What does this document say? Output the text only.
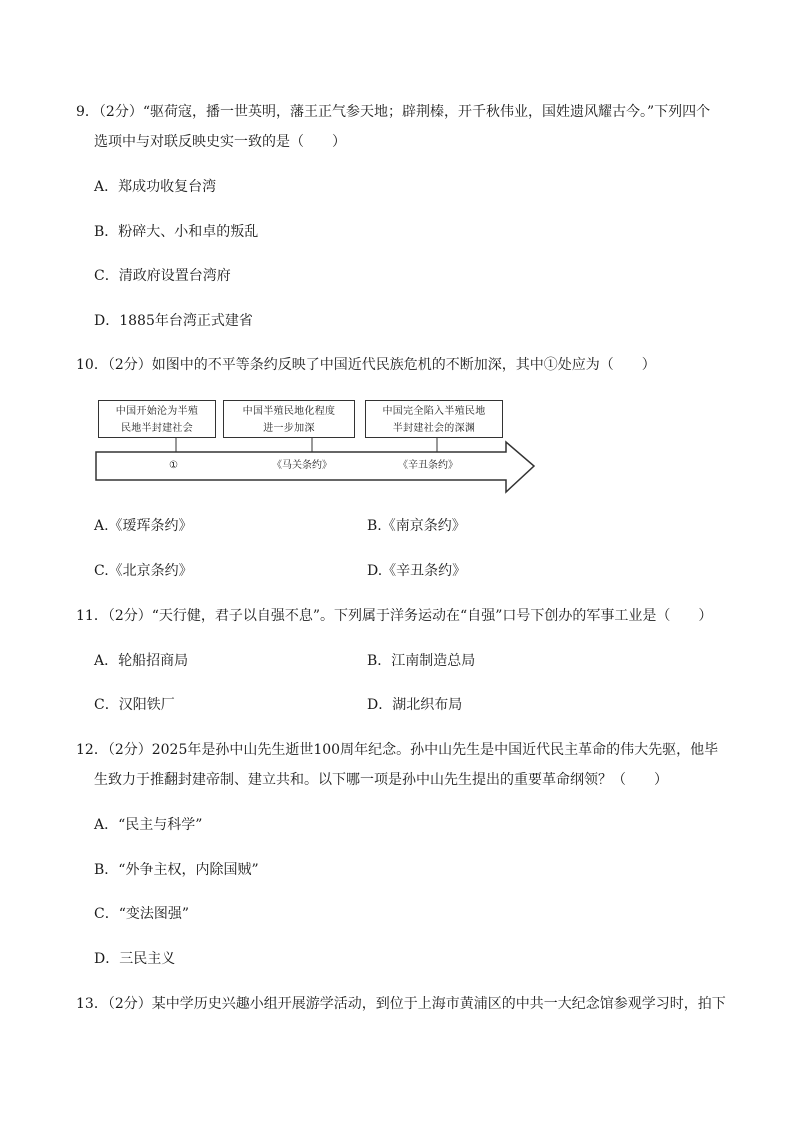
9．（2分）“驱荷寇，播一世英明，藩王正气参天地；辟荆榛，开千秋伟业，国姓遗风耀古今。”下列四个
选项中与对联反映史实一致的是（　　）
A．郑成功收复台湾
B．粉碎大、小和卓的叛乱
C．清政府设置台湾府
D．1885年台湾正式建省
10．（2分）如图中的不平等条约反映了中国近代民族危机的不断加深，其中①处应为（　　）
中国开始沦为半殖
民地半封建社会
中国半殖民地化程度
进一步加深
中国完全陷入半殖民地
半封建社会的深渊
①	《马关条约》	《辛丑条约》
A.《瑷珲条约》	B.《南京条约》
C.《北京条约》	D.《辛丑条约》
11．（2分）“天行健，君子以自强不息”。下列属于洋务运动在“自强”口号下创办的军事工业是（　　）
A．轮船招商局	B．江南制造总局
C．汉阳铁厂	D．湖北织布局
12．（2分）2025年是孙中山先生逝世100周年纪念。孙中山先生是中国近代民主革命的伟大先驱，他毕
生致力于推翻封建帝制、建立共和。以下哪一项是孙中山先生提出的重要革命纲领？（　　）
A．“民主与科学”
B．“外争主权，内除国贼”
C．“变法图强”
D．三民主义
13．（2分）某中学历史兴趣小组开展游学活动，到位于上海市黄浦区的中共一大纪念馆参观学习时，拍下
